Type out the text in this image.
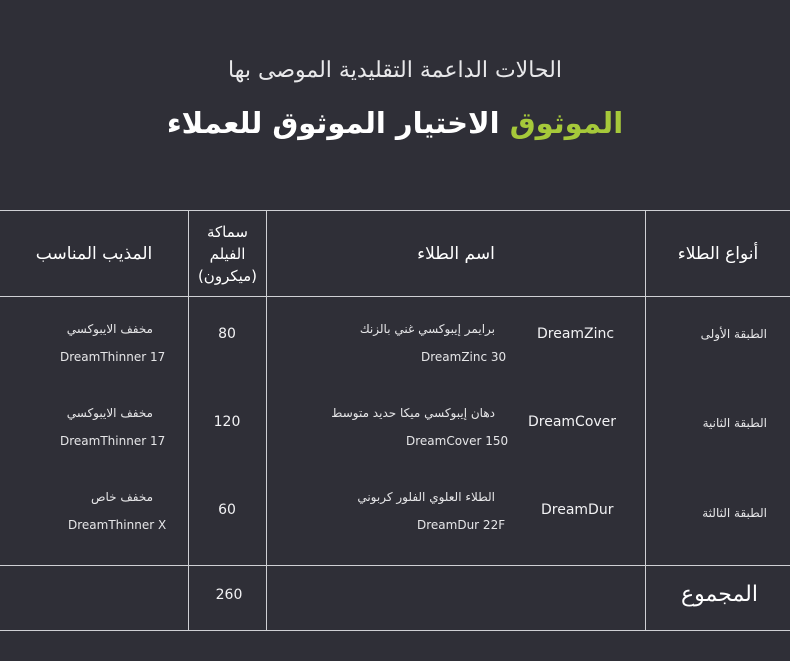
الحالات الداعمة التقليدية الموصى بها
الموثوق الاختيار الموثوق للعملاء
أنواع الطلاء
اسم الطلاء
سماكة الفيلم (ميكرون)
المذيب المناسب
الطبقة الأولى
DreamZinc
برايمر إيبوكسي غني بالزنك
DreamZinc 30
80
مخفف الايبوكسي
DreamThinner 17
الطبقة الثانية
DreamCover
دهان إيبوكسي ميكا حديد متوسط
DreamCover 150
120
مخفف الايبوكسي
DreamThinner 17
الطبقة الثالثة
DreamDur
الطلاء العلوي الفلور كربوني
DreamDur 22F
60
مخفف خاص
DreamThinner X
المجموع
260
